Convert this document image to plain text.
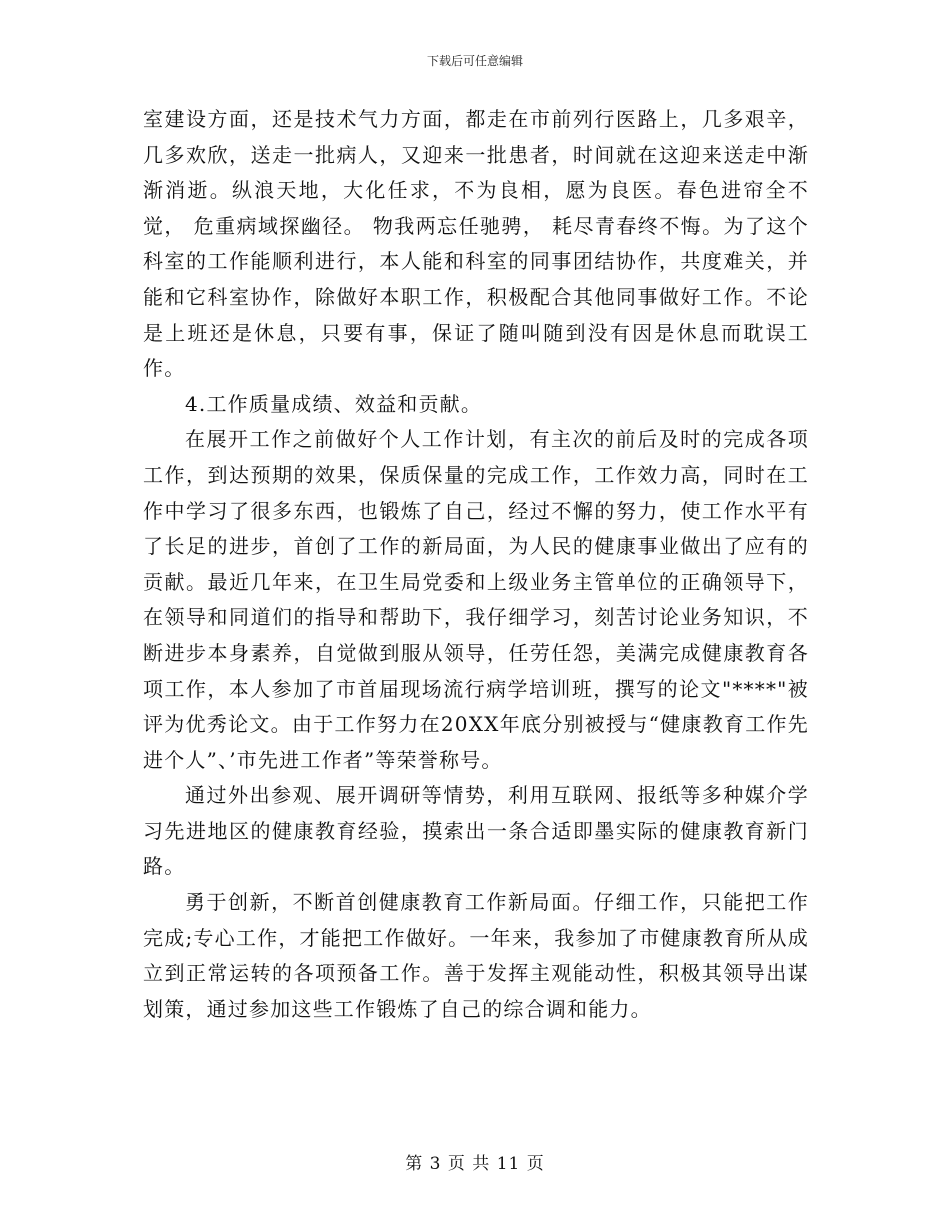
下载后可任意编辑

室建设方面，还是技术气力方面，都走在市前列行医路上，几多艰辛，几多欢欣，送走一批病人，又迎来一批患者，时间就在这迎来送走中渐渐消逝。纵浪天地，大化任求，不为良相，愿为良医。春色进帘全不觉， 危重病域探幽径。 物我两忘任驰骋， 耗尽青春终不悔。为了这个科室的工作能顺利进行，本人能和科室的同事团结协作，共度难关，并能和它科室协作，除做好本职工作，积极配合其他同事做好工作。不论是上班还是休息，只要有事，保证了随叫随到没有因是休息而耽误工作。

4.工作质量成绩、效益和贡献。

在展开工作之前做好个人工作计划，有主次的前后及时的完成各项工作，到达预期的效果，保质保量的完成工作，工作效力高，同时在工作中学习了很多东西，也锻炼了自己，经过不懈的努力，使工作水平有了长足的进步，首创了工作的新局面，为人民的健康事业做出了应有的贡献。最近几年来，在卫生局党委和上级业务主管单位的正确领导下，在领导和同道们的指导和帮助下，我仔细学习，刻苦讨论业务知识，不断进步本身素养，自觉做到服从领导，任劳任怨，美满完成健康教育各项工作，本人参加了市首届现场流行病学培训班，撰写的论文"****"被评为优秀论文。由于工作努力在20XX年底分别被授与“健康教育工作先进个人”、’市先进工作者”等荣誉称号。

通过外出参观、展开调研等情势，利用互联网、报纸等多种媒介学习先进地区的健康教育经验，摸索出一条合适即墨实际的健康教育新门路。

勇于创新，不断首创健康教育工作新局面。仔细工作，只能把工作完成;专心工作，才能把工作做好。一年来，我参加了市健康教育所从成立到正常运转的各项预备工作。善于发挥主观能动性，积极其领导出谋划策，通过参加这些工作锻炼了自己的综合调和能力。

第 3 页 共 11 页
